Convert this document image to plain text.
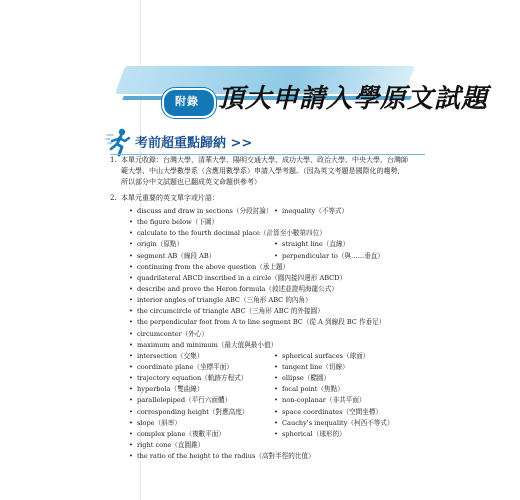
附錄 頂大申請入學原文試題
考前超重點歸納 >>
1. 本單元收錄：台灣大學、清華大學、陽明交通大學、成功大學、政治大學、中央大學、台灣師範大學、中山大學數學系（含應用數學系）申請入學考題。（因為英文考題是國際化的趨勢，所以部分中文試題也已翻成英文命題供參考）
2. 本單元重要的英文單字或片語：
• discuss and draw in sections（分段討論） • inequality（不等式）
• the figure below（下圖）
• calculate to the fourth decimal place（計算至小數第四位）
• origin（原點）	• straight line（直線）
• segment AB（線段 AB）	• perpendicular to（與……垂直）
• continuing from the above question（承上題）
• quadrilateral ABCD inscribed in a circle（圓內接四邊形 ABCD）
• describe and prove the Heron formula（敘述並證明海龍公式）
• interior angles of triangle ABC（三角形 ABC 的內角）
• the circumcircle of triangle ABC（三角形 ABC 的外接圓）
• the perpendicular foot from A to line segment BC（從 A 到線段 BC 作垂足）
• circumcenter（外心）
• maximum and minimum（最大值與最小值）
• intersection（交集）	• spherical surfaces（球面）
• coordinate plane（坐標平面）	• tangent line（切線）
• trajectory equation（軌跡方程式）	• ellipse（橢圓）
• hyperbola（雙曲線）	• focal point（焦點）
• parallelepiped（平行六面體）	• non-coplanar（非共平面）
• corresponding height（對應高度）	• space coordinates（空間坐標）
• slope（斜率）	• Cauchy's inequality（柯西不等式）
• complex plane（複數平面）	• spherical（球形的）
• right cone（直圓錐）
• the ratio of the height to the radius（高對半徑的比值）
